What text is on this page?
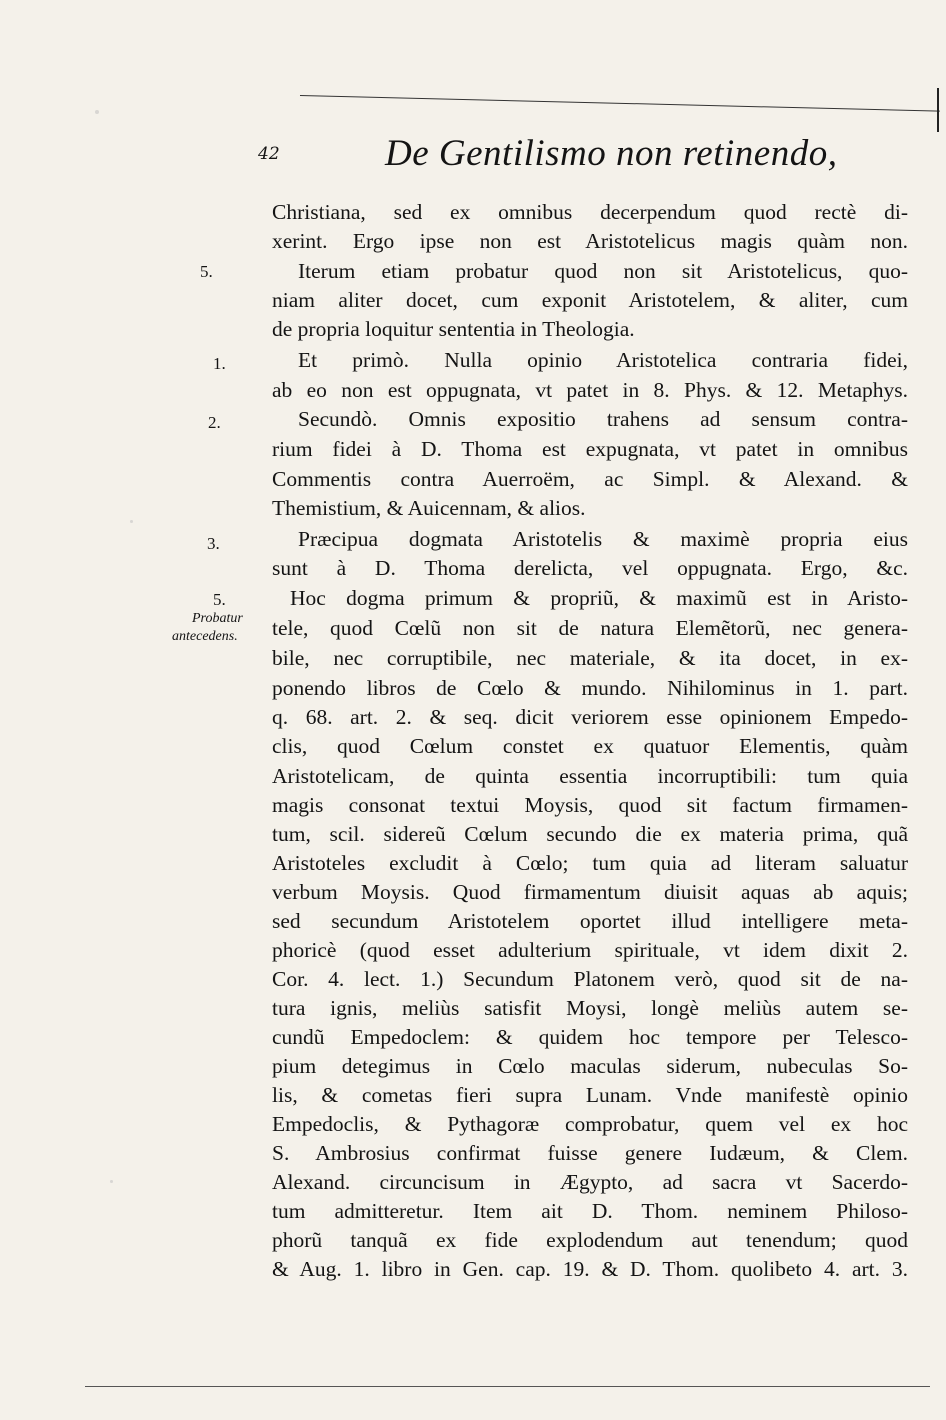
42	De Gentilismo non retinendo,
5.
1.
2.
3.
5.
Probatur
antecedens.
Christiana, sed ex omnibus decerpendum quod rectè di-
xerint. Ergo ipse non est Aristotelicus magis quàm non.
Iterum etiam probatur quod non sit Aristotelicus, quo-
niam aliter docet, cum exponit Aristotelem, & aliter, cum
de propria loquitur sententia in Theologia.
Et primò. Nulla opinio Aristotelica contraria fidei,
ab eo non est oppugnata, vt patet in 8. Phys. & 12. Metaphys.
Secundò. Omnis expositio trahens ad sensum contra-
rium fidei à D. Thoma est expugnata, vt patet in omnibus
Commentis contra Auerroëm, ac Simpl. & Alexand. &
Themistium, & Auicennam, & alios.
Præcipua dogmata Aristotelis & maximè propria eius
sunt à D. Thoma derelicta, vel oppugnata. Ergo, &c.
Hoc dogma primum & propriũ, & maximũ est in Aristo-
tele, quod Cœlũ non sit de natura Elemẽtorũ, nec genera-
bile, nec corruptibile, nec materiale, & ita docet, in ex-
ponendo libros de Cœlo & mundo. Nihilominus in 1. part.
q. 68. art. 2. & seq. dicit veriorem esse opinionem Empedo-
clis, quod Cœlum constet ex quatuor Elementis, quàm
Aristotelicam, de quinta essentia incorruptibili: tum quia
magis consonat textui Moysis, quod sit factum firmamen-
tum, scil. sidereũ Cœlum secundo die ex materia prima, quã
Aristoteles excludit à Cœlo; tum quia ad literam saluatur
verbum Moysis. Quod firmamentum diuisit aquas ab aquis;
sed secundum Aristotelem oportet illud intelligere meta-
phoricè (quod esset adulterium spirituale, vt idem dixit 2.
Cor. 4. lect. 1.) Secundum Platonem verò, quod sit de na-
tura ignis, meliùs satisfit Moysi, longè meliùs autem se-
cundũ Empedoclem: & quidem hoc tempore per Telesco-
pium detegimus in Cœlo maculas siderum, nubeculas So-
lis, & cometas fieri supra Lunam. Vnde manifestè opinio
Empedoclis, & Pythagoræ comprobatur, quem vel ex hoc
S. Ambrosius confirmat fuisse genere Iudæum, & Clem.
Alexand. circuncisum in Ægypto, ad sacra vt Sacerdo-
tum admitteretur. Item ait D. Thom. neminem Philoso-
phorũ tanquã ex fide explodendum aut tenendum; quod
& Aug. 1. libro in Gen. cap. 19. & D. Thom. quolibeto 4. art. 3.
